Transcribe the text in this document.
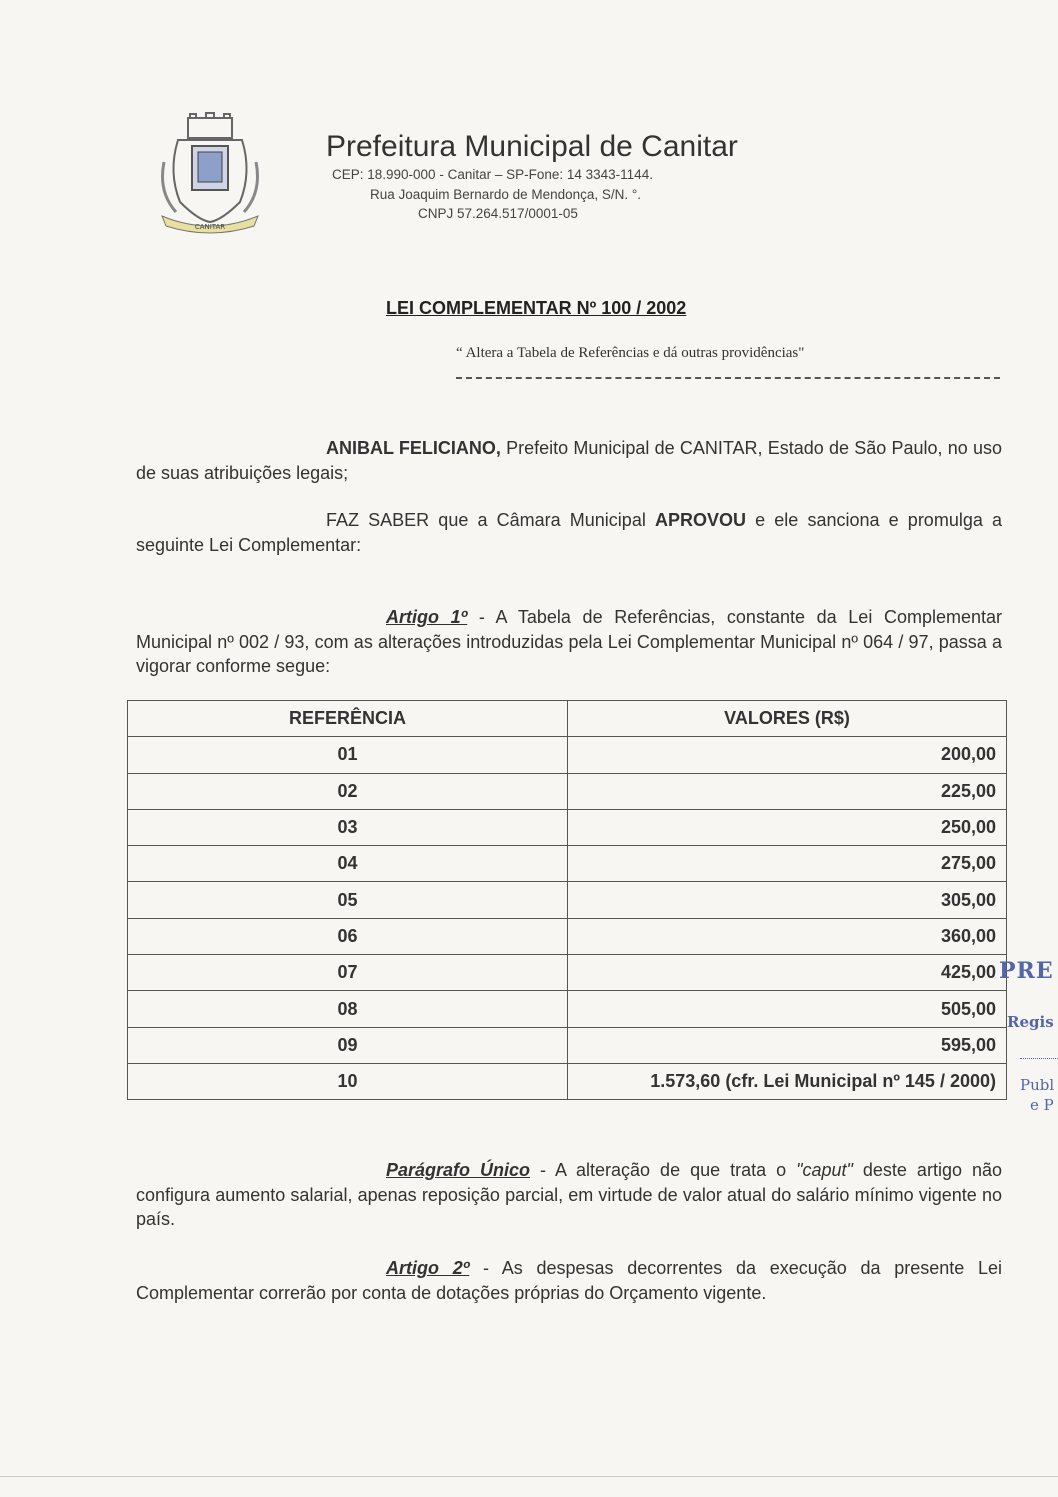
CANITAR
Prefeitura Municipal de Canitar
CEP: 18.990-000 - Canitar – SP-Fone: 14 3343-1144.
Rua Joaquim Bernardo de Mendonça, S/N. °.
CNPJ 57.264.517/0001-05
LEI COMPLEMENTAR Nº 100 / 2002
“ Altera a Tabela de Referências e dá outras providências"
ANIBAL FELICIANO, Prefeito Municipal de CANITAR, Estado de São Paulo, no uso de suas atribuições legais;
FAZ SABER que a Câmara Municipal APROVOU e ele sanciona e promulga a seguinte Lei Complementar:
Artigo 1º - A Tabela de Referências, constante da Lei Complementar Municipal nº 002 / 93, com as alterações introduzidas pela Lei Complementar Municipal nº 064 / 97, passa a vigorar conforme segue:
REFERÊNCIA	VALORES (R$)
01	200,00
02	225,00
03	250,00
04	275,00
05	305,00
06	360,00
07	425,00
08	505,00
09	595,00
10	1.573,60 (cfr. Lei Municipal nº 145 / 2000)
Parágrafo Único - A alteração de que trata o "caput" deste artigo não configura aumento salarial, apenas reposição parcial, em virtude de valor atual do salário mínimo vigente no país.
Artigo 2º - As despesas decorrentes da execução da presente Lei Complementar correrão por conta de dotações próprias do Orçamento vigente.
PRE
Regis
Publ
e P
